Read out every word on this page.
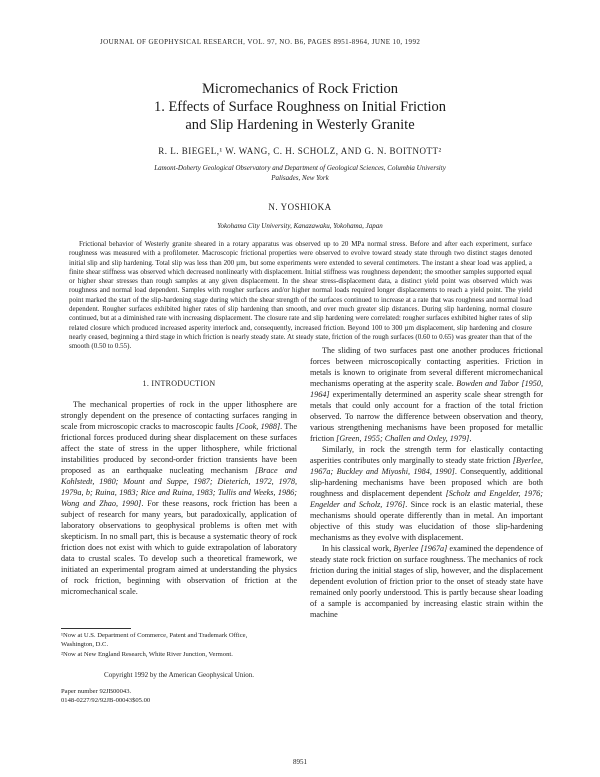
JOURNAL OF GEOPHYSICAL RESEARCH, VOL. 97, NO. B6, PAGES 8951-8964, JUNE 10, 1992
Micromechanics of Rock Friction
1. Effects of Surface Roughness on Initial Friction
and Slip Hardening in Westerly Granite
R. L. BIEGEL,¹ W. WANG, C. H. SCHOLZ, AND G. N. BOITNOTT²
Lamont-Doherty Geological Observatory and Department of Geological Sciences, Columbia University
Palisades, New York
N. YOSHIOKA
Yokohama City University, Kanazawaku, Yokohama, Japan

Frictional behavior of Westerly granite sheared in a rotary apparatus was observed up to 20 MPa normal stress. Before and after each experiment, surface roughness was measured with a profilometer. Macroscopic frictional properties were observed to evolve toward steady state through two distinct stages denoted initial slip and slip hardening. Total slip was less than 200 µm, but some experiments were extended to several centimeters. The instant a shear load was applied, a finite shear stiffness was observed which decreased nonlinearly with displacement. Initial stiffness was roughness dependent; the smoother samples supported equal or higher shear stresses than rough samples at any given displacement. In the shear stress-displacement data, a distinct yield point was observed which was roughness and normal load dependent. Samples with rougher surfaces and/or higher normal loads required longer displacements to reach a yield point. The yield point marked the start of the slip-hardening stage during which the shear strength of the surfaces continued to increase at a rate that was roughness and normal load dependent. Rougher surfaces exhibited higher rates of slip hardening than smooth, and over much greater slip distances. During slip hardening, normal closure continued, but at a diminished rate with increasing displacement. The closure rate and slip hardening were correlated: rougher surfaces exhibited higher rates of slip related closure which produced increased asperity interlock and, consequently, increased friction. Beyond 100 to 300 µm displacement, slip hardening and closure nearly ceased, beginning a third stage in which friction is nearly steady state. At steady state, friction of the rough surfaces (0.60 to 0.65) was greater than that of the smooth (0.50 to 0.55).

1. INTRODUCTION

The mechanical properties of rock in the upper lithosphere are strongly dependent on the presence of contacting surfaces ranging in scale from microscopic cracks to macroscopic faults [Cook, 1988]. The frictional forces produced during shear displacement on these surfaces affect the state of stress in the upper lithosphere, while frictional instabilities produced by second-order friction transients have been proposed as an earthquake nucleating mechanism [Brace and Kohlstedt, 1980; Mount and Suppe, 1987; Dieterich, 1972, 1978, 1979a, b; Ruina, 1983; Rice and Ruina, 1983; Tullis and Weeks, 1986; Wong and Zhao, 1990]. For these reasons, rock friction has been a subject of research for many years, but paradoxically, application of laboratory observations to geophysical problems is often met with skepticism. In no small part, this is because a systematic theory of rock friction does not exist with which to guide extrapolation of laboratory data to crustal scales. To develop such a theoretical framework, we initiated an experimental program aimed at understanding the physics of rock friction, beginning with observation of friction at the micromechanical scale.

The sliding of two surfaces past one another produces frictional forces between microscopically contacting asperities. Friction in metals is known to originate from several different micromechanical mechanisms operating at the asperity scale. Bowden and Tabor [1950, 1964] experimentally determined an asperity scale shear strength for metals that could only account for a fraction of the total friction observed. To narrow the difference between observation and theory, various strengthening mechanisms have been proposed for metallic friction [Green, 1955; Challen and Oxley, 1979].

Similarly, in rock the strength term for elastically contacting asperities contributes only marginally to steady state friction [Byerlee, 1967a; Buckley and Miyoshi, 1984, 1990]. Consequently, additional slip-hardening mechanisms have been proposed which are both roughness and displacement dependent [Scholz and Engelder, 1976; Engelder and Scholz, 1976]. Since rock is an elastic material, these mechanisms should operate differently than in metal. An important objective of this study was elucidation of those slip-hardening mechanisms as they evolve with displacement.

In his classical work, Byerlee [1967a] examined the dependence of steady state rock friction on surface roughness. The mechanics of rock friction during the initial stages of slip, however, and the displacement dependent evolution of friction prior to the onset of steady state have remained only poorly understood. This is partly because shear loading of a sample is accompanied by increasing elastic strain within the machine

¹Now at U.S. Department of Commerce, Patent and Trademark Office,
Washington, D.C.
²Now at New England Research, White River Junction, Vermont.
Copyright 1992 by the American Geophysical Union.
Paper number 92JB00043.
0148-0227/92/92JB-00043$05.00
8951
